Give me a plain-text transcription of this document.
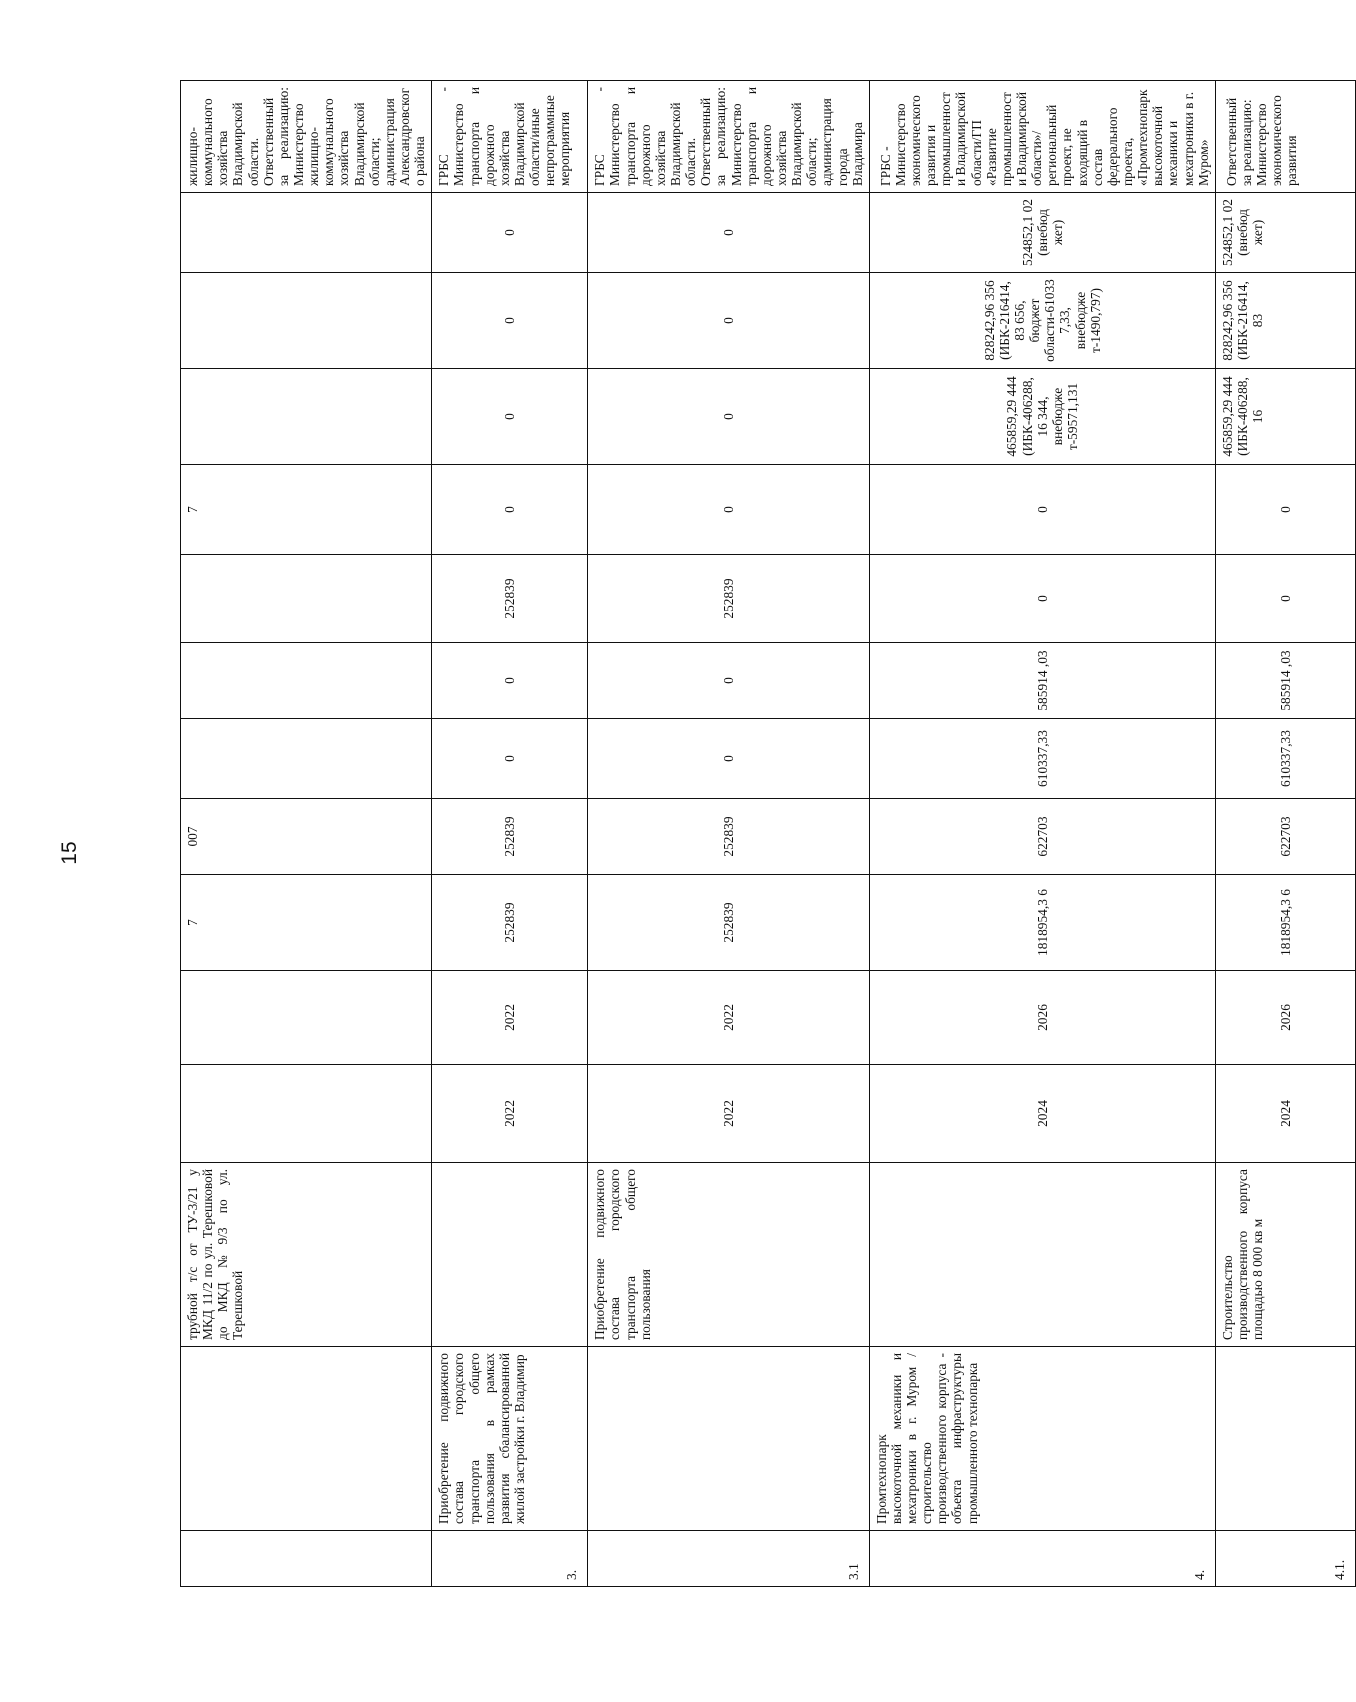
15
		трубной т/с от ТУ-3/21 у МКД 11/2 по ул. Терешковой до МКД №9/3 по ул. Терешковой			7	007				7				жилищно-коммунального хозяйства Владимирской области. Ответственный за реализацию: Министерство жилищно-коммунального хозяйства Владимирской области; администрация Александровского района
3.	Приобретение подвижного состава городского транспорта общего пользования в рамках развития сбалансированной жилой застройки г. Владимир		2022	2022	252839	252839	0	0	252839	0	0	0	0	ГРБС - Министерство транспорта и дорожного хозяйства Владимирской области/иные непрограммные мероприятия
3.1		Приобретение подвижного состава городского транспорта общего пользования	2022	2022	252839	252839	0	0	252839	0	0	0	0	ГРБС - Министерство транспорта и дорожного хозяйства Владимирской области. Ответственный за реализацию: Министерство транспорта и дорожного хозяйства Владимирской области; администрация города Владимира
4.	Промтехнопарк высокоточной механики и мехатроники в г. Муром / строительство производственного корпуса - объекта инфраструктуры промышленного технопарка		2024	2026	1818954,3 6	622703	610337,33	585914 ,03	0	0	465859,29 444 (ИБК-406288,16 344, внебюдже т-59571,131	828242,96 356 (ИБК-216414,83 656, бюджет области-610337,33, внебюдже т-1490,797)	524852,1 02 (внебюд жет)	ГРБС - Министерство экономического развития и промышленности Владимирской области/ГП «Развитие промышленности Владимирской области»/региональный проект, не входящий в состав федерального проекта, «Промтехнопарк высокоточной механики и мехатроники в г. Муром»
4.1.		Строительство производственного корпуса площадью 8 000 кв м	2024	2026	1818954,3 6	622703	610337,33	585914 ,03	0	0	465859,29 444 (ИБК-406288,16	828242,96 356 (ИБК-216414,83	524852,1 02 (внебюд жет)	Ответственный за реализацию: Министерство экономического развития
